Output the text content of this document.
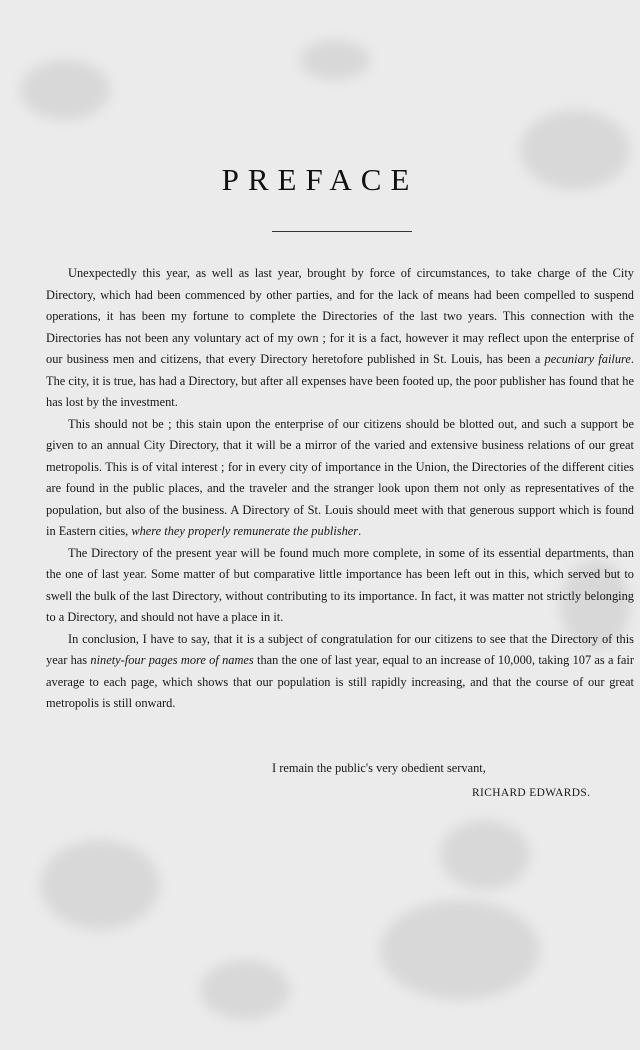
PREFACE

Unexpectedly this year, as well as last year, brought by force of circumstances, to take charge of the City Directory, which had been commenced by other parties, and for the lack of means had been compelled to suspend operations, it has been my fortune to complete the Directories of the last two years. This connection with the Directories has not been any voluntary act of my own ; for it is a fact, however it may reflect upon the enterprise of our business men and citizens, that every Directory heretofore published in St. Louis, has been a pecuniary failure. The city, it is true, has had a Directory, but after all expenses have been footed up, the poor publisher has found that he has lost by the investment.

This should not be ; this stain upon the enterprise of our citizens should be blotted out, and such a support be given to an annual City Directory, that it will be a mirror of the varied and extensive business relations of our great metropolis. This is of vital interest ; for in every city of importance in the Union, the Directories of the different cities are found in the public places, and the traveler and the stranger look upon them not only as representatives of the population, but also of the business. A Directory of St. Louis should meet with that generous support which is found in Eastern cities, where they properly remunerate the publisher.

The Directory of the present year will be found much more complete, in some of its essential departments, than the one of last year. Some matter of but comparative little importance has been left out in this, which served but to swell the bulk of the last Directory, without contributing to its importance. In fact, it was matter not strictly belonging to a Directory, and should not have a place in it.

In conclusion, I have to say, that it is a subject of congratulation for our citizens to see that the Directory of this year has ninety-four pages more of names than the one of last year, equal to an increase of 10,000, taking 107 as a fair average to each page, which shows that our population is still rapidly increasing, and that the course of our great metropolis is still onward.

I remain the public's very obedient servant,
RICHARD EDWARDS.
